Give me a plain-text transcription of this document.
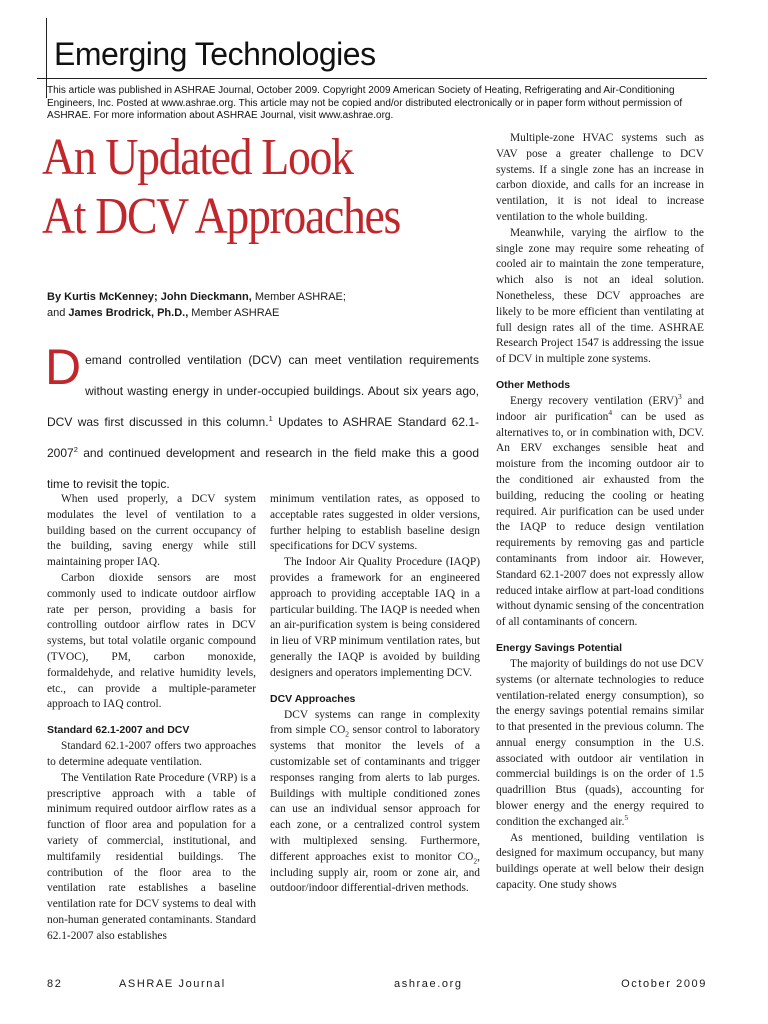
Emerging Technologies
This article was published in ASHRAE Journal, October 2009. Copyright 2009 American Society of Heating, Refrigerating and Air-Conditioning Engineers, Inc. Posted at www.ashrae.org. This article may not be copied and/or distributed electronically or in paper form without permission of ASHRAE. For more information about ASHRAE Journal, visit www.ashrae.org.
An Updated Look
At DCV Approaches
By Kurtis McKenney; John Dieckmann, Member ASHRAE;
and James Brodrick, Ph.D., Member ASHRAE
Demand controlled ventilation (DCV) can meet ventilation requirements without wasting energy in under-occupied buildings. About six years ago, DCV was first discussed in this column.$^1$ Updates to ASHRAE Standard 62.1-2007$^2$ and continued development and research in the field make this a good time to revisit the topic.

When used properly, a DCV system modulates the level of ventilation to a building based on the current occupancy of the building, saving energy while still maintaining proper IAQ.

Carbon dioxide sensors are most commonly used to indicate outdoor airflow rate per person, providing a basis for controlling outdoor airflow rates in DCV systems, but total volatile organic compound (TVOC), PM, carbon monoxide, formaldehyde, and relative humidity levels, etc., can provide a multiple-parameter approach to IAQ control.

Standard 62.1-2007 and DCV

Standard 62.1-2007 offers two approaches to determine adequate ventilation.

The Ventilation Rate Procedure (VRP) is a prescriptive approach with a table of minimum required outdoor airflow rates as a function of floor area and population for a variety of commercial, institutional, and multifamily residential buildings. The contribution of the floor area to the ventilation rate establishes a baseline ventilation rate for DCV systems to deal with non-human generated contaminants. Standard 62.1-2007 also establishes

minimum ventilation rates, as opposed to acceptable rates suggested in older versions, further helping to establish baseline design specifications for DCV systems.

The Indoor Air Quality Procedure (IAQP) provides a framework for an engineered approach to providing acceptable IAQ in a particular building. The IAQP is needed when an air-purification system is being considered in lieu of VRP minimum ventilation rates, but generally the IAQP is avoided by building designers and operators implementing DCV.

DCV Approaches

DCV systems can range in complexity from simple $CO_2$ sensor control to laboratory systems that monitor the levels of a customizable set of contaminants and trigger responses ranging from alerts to lab purges. Buildings with multiple conditioned zones can use an individual sensor approach for each zone, or a centralized control system with multiplexed sensing. Furthermore, different approaches exist to monitor $CO_2$, including supply air, room or zone air, and outdoor/indoor differential-driven methods.

Multiple-zone HVAC systems such as VAV pose a greater challenge to DCV systems. If a single zone has an increase in carbon dioxide, and calls for an increase in ventilation, it is not ideal to increase ventilation to the whole building.

Meanwhile, varying the airflow to the single zone may require some reheating of cooled air to maintain the zone temperature, which also is not an ideal solution. Nonetheless, these DCV approaches are likely to be more efficient than ventilating at full design rates all of the time. ASHRAE Research Project 1547 is addressing the issue of DCV in multiple zone systems.

Other Methods

Energy recovery ventilation (ERV)$^3$ and indoor air purification$^4$ can be used as alternatives to, or in combination with, DCV. An ERV exchanges sensible heat and moisture from the incoming outdoor air to the conditioned air exhausted from the building, reducing the cooling or heating required. Air purification can be used under the IAQP to reduce design ventilation requirements by removing gas and particle contaminants from indoor air. However, Standard 62.1-2007 does not expressly allow reduced intake airflow at part-load conditions without dynamic sensing of the concentration of all contaminants of concern.

Energy Savings Potential

The majority of buildings do not use DCV systems (or alternate technologies to reduce ventilation-related energy consumption), so the energy savings potential remains similar to that presented in the previous column. The annual energy consumption in the U.S. associated with outdoor air ventilation in commercial buildings is on the order of 1.5 quadrillion Btus (quads), accounting for blower energy and the energy required to condition the exchanged air.$^5$

As mentioned, building ventilation is designed for maximum occupancy, but many buildings operate at well below their design capacity. One study shows

82	ASHRAE Journal	ashrae.org	October 2009
